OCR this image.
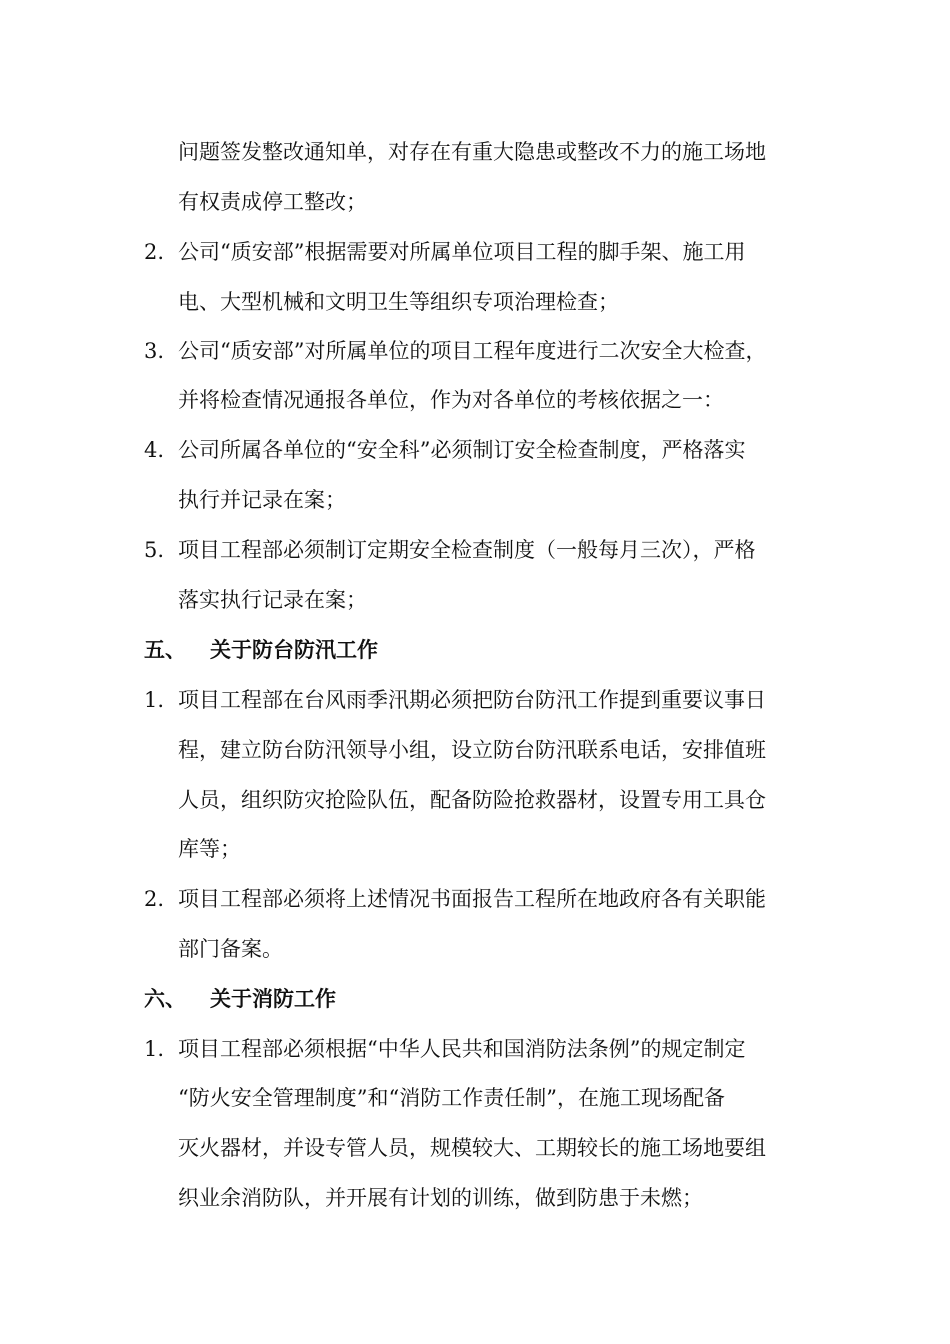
问题签发整改通知单，对存在有重大隐患或整改不力的施工场地
有权责成停工整改；
2. 公司“质安部”根据需要对所属单位项目工程的脚手架、施工用
电、大型机械和文明卫生等组织专项治理检查；
3. 公司“质安部”对所属单位的项目工程年度进行二次安全大检查，
并将检查情况通报各单位，作为对各单位的考核依据之一：
4. 公司所属各单位的“安全科”必须制订安全检查制度，严格落实
执行并记录在案；
5. 项目工程部必须制订定期安全检查制度（一般每月三次），严格
落实执行记录在案；
五、 关于防台防汛工作
1. 项目工程部在台风雨季汛期必须把防台防汛工作提到重要议事日
程，建立防台防汛领导小组，设立防台防汛联系电话，安排值班
人员，组织防灾抢险队伍，配备防险抢救器材，设置专用工具仓
库等；
2. 项目工程部必须将上述情况书面报告工程所在地政府各有关职能
部门备案。
六、 关于消防工作
1. 项目工程部必须根据“中华人民共和国消防法条例”的规定制定
“防火安全管理制度”和“消防工作责任制”，在施工现场配备
灭火器材，并设专管人员，规模较大、工期较长的施工场地要组
织业余消防队，并开展有计划的训练，做到防患于未燃；
